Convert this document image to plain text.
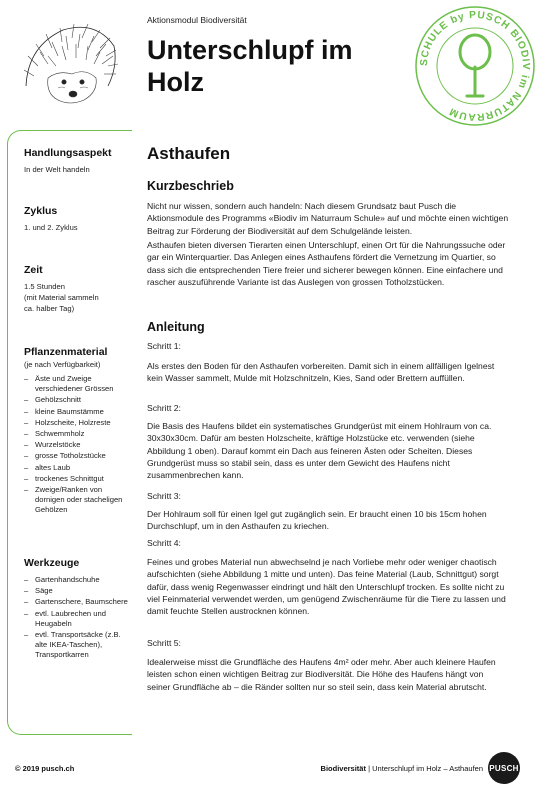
Aktionsmodul Biodiversität
Unterschlupf im Holz
SCHULE by PUSCH BIODIV im NATURRAUM
Handlungsaspekt
In der Welt handeln
Zyklus
1. und 2. Zyklus
Zeit
1.5 Stunden
(mit Material sammeln
ca. halber Tag)
Pflanzenmaterial
(je nach Verfügbarkeit)
– Äste und Zweige verschiedener Grössen
– Gehölzschnitt
– kleine Baumstämme
– Holzscheite, Holzreste
– Schwemmholz
– Wurzelstöcke
– grosse Totholzstücke
– altes Laub
– trockenes Schnittgut
– Zweige/Ranken von dornigen oder stacheligen Gehölzen
Werkzeuge
– Gartenhandschuhe
– Säge
– Gartenschere, Baumschere
– evtl. Laubrechen und Heugabeln
– evtl. Transportsäcke (z.B. alte IKEA-Taschen), Transportkarren
Asthaufen
Kurzbeschrieb

Nicht nur wissen, sondern auch handeln: Nach diesem Grundsatz baut Pusch die Aktionsmodule des Programms «Biodiv im Naturraum Schule» auf und möchte einen wichtigen Beitrag zur Förderung der Biodiversität auf dem Schulgelände leisten.

Asthaufen bieten diversen Tierarten einen Unterschlupf, einen Ort für die Nahrungssuche oder gar ein Winterquartier. Das Anlegen eines Asthaufens fördert die Vernetzung im Quartier, so dass sich die entsprechenden Tiere freier und sicherer bewegen können. Eine einfachere und rascher auszuführende Variante ist das Auslegen von grossen Totholzstücken.

Anleitung
Schritt 1:

Als erstes den Boden für den Asthaufen vorbereiten. Damit sich in einem allfälligen Igelnest kein Wasser sammelt, Mulde mit Holzschnitzeln, Kies, Sand oder Brettern auffüllen.

Schritt 2:

Die Basis des Haufens bildet ein systematisches Grundgerüst mit einem Hohlraum von ca. 30x30x30cm. Dafür am besten Holzscheite, kräftige Holzstücke etc. verwenden (siehe Abbildung 1 oben). Darauf kommt ein Dach aus feineren Ästen oder Scheiten. Dieses Grundgerüst muss so stabil sein, dass es unter dem Gewicht des Haufens nicht zusammenbrechen kann.

Schritt 3:

Der Hohlraum soll für einen Igel gut zugänglich sein. Er braucht einen 10 bis 15cm hohen Durchschlupf, um in den Asthaufen zu kriechen.

Schritt 4:

Feines und grobes Material nun abwechselnd je nach Vorliebe mehr oder weniger chaotisch aufschichten (siehe Abbildung 1 mitte und unten). Das feine Material (Laub, Schnittgut) sorgt dafür, dass wenig Regenwasser eindringt und hält den Unterschlupf trocken. Es sollte nicht zu viel Feinmaterial verwendet werden, um genügend Zwischenräume für die Tiere zu lassen und damit feuchte Stellen austrocknen können.

Schritt 5:

Idealerweise misst die Grundfläche des Haufens 4m² oder mehr. Aber auch kleinere Haufen leisten schon einen wichtigen Beitrag zur Biodiversität. Die Höhe des Haufens hängt von seiner Grundfläche ab – die Ränder sollten nur so steil sein, dass kein Material abrutscht.

© 2019 pusch.ch	Biodiversität | Unterschlupf im Holz – Asthaufen PUSCH
